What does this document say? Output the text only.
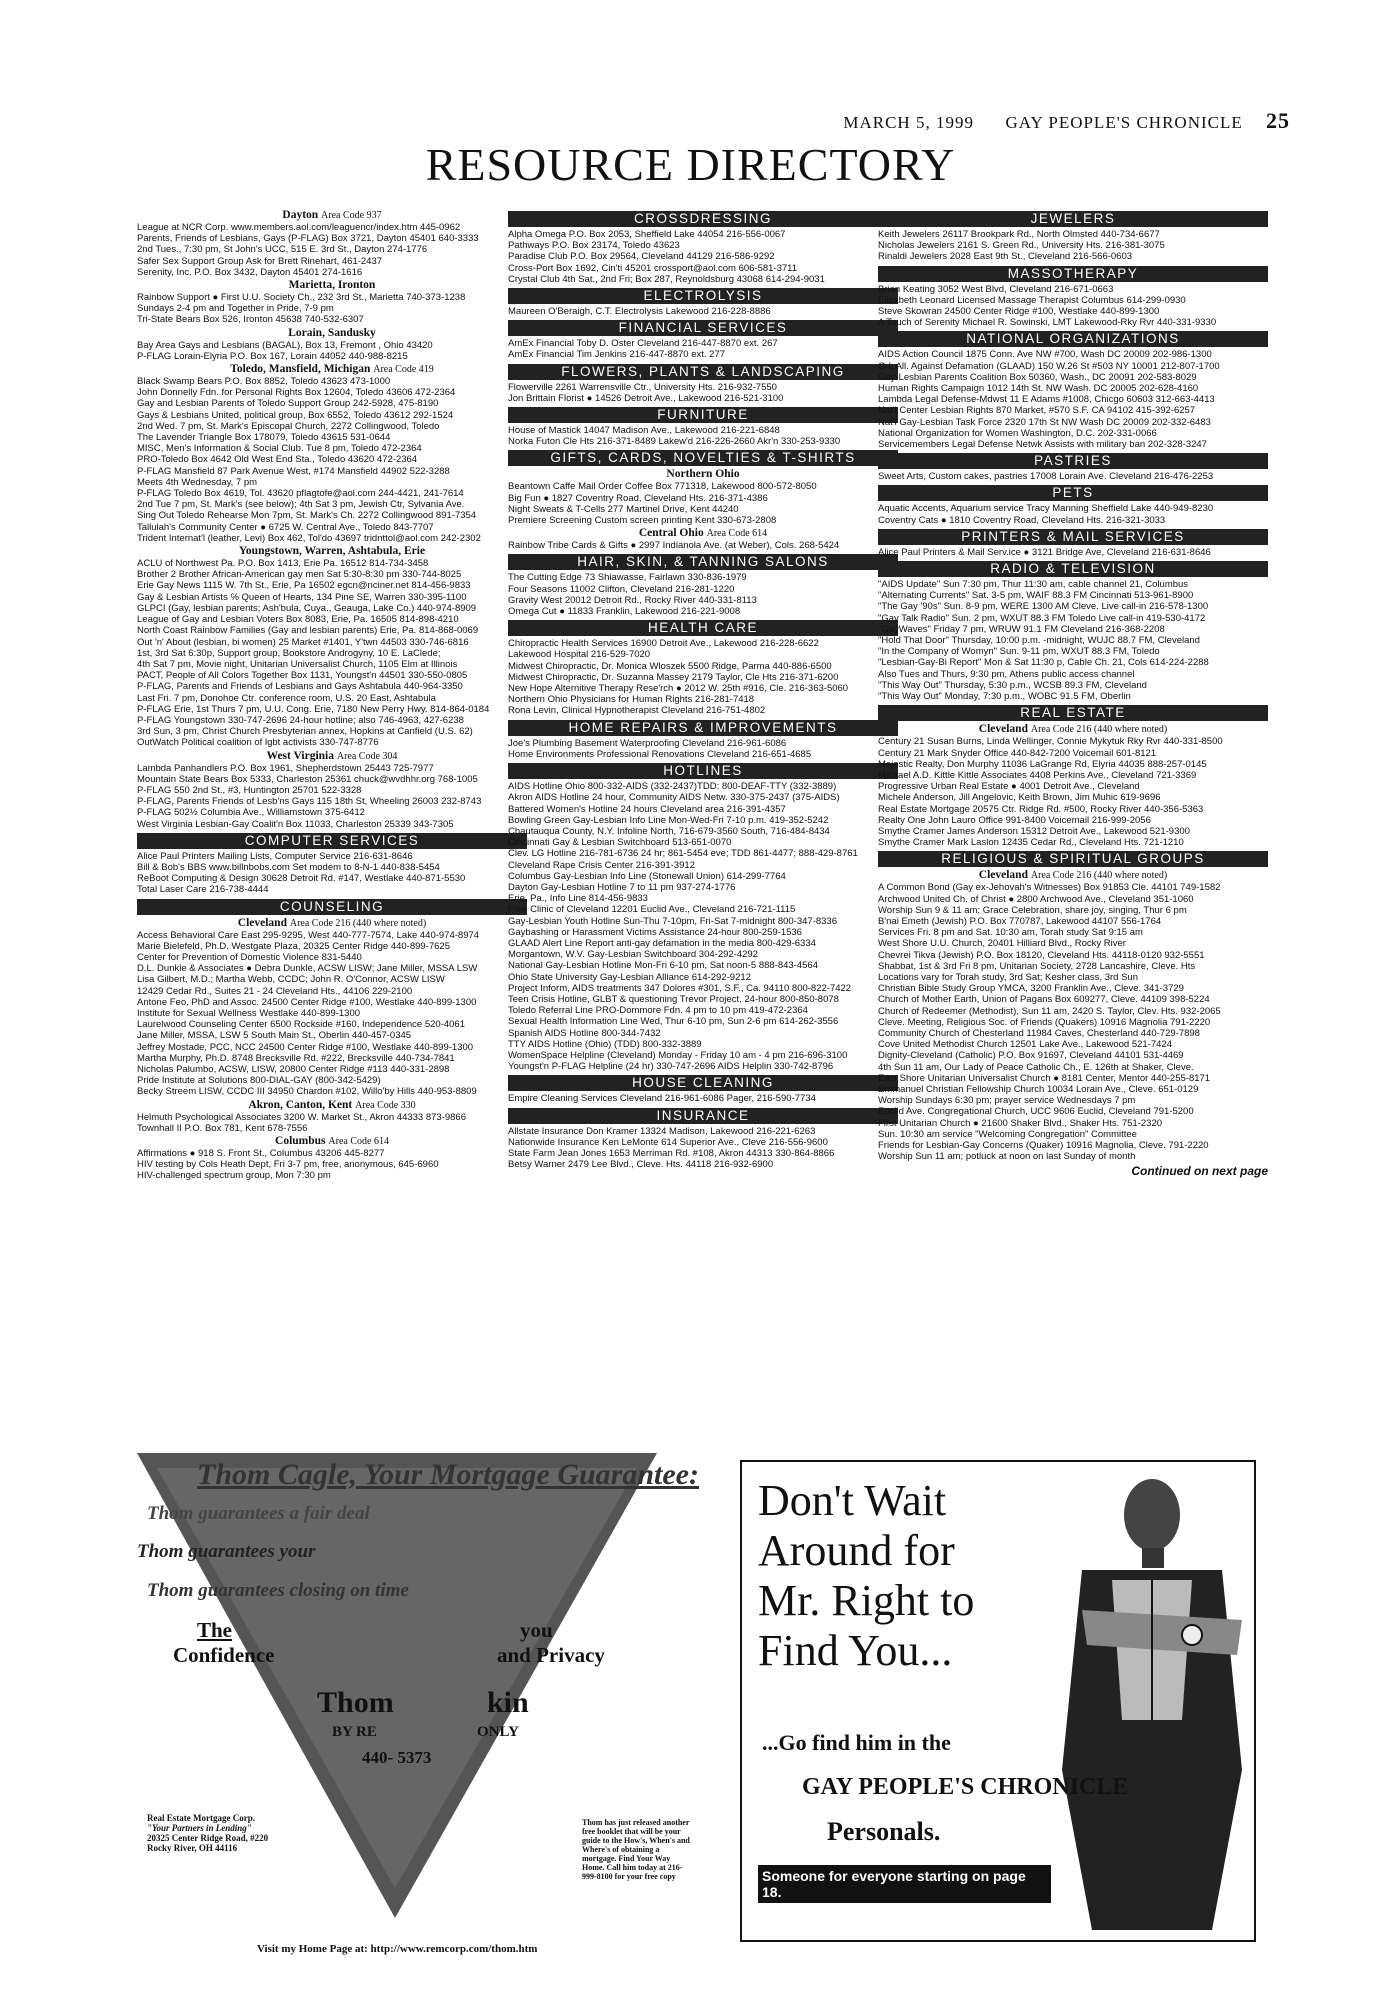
MARCH 5, 1999 GAY PEOPLE'S CHRONICLE 25
RESOURCE DIRECTORY
Dayton Area Code 937
League at NCR Corp. www.members.aol.com/leaguencr/index.htm 445-0962
Parents, Friends of Lesbians, Gays (P-FLAG) Box 3721, Dayton 45401 640-3333
2nd Tues., 7:30 pm, St John's UCC, 515 E. 3rd St., Dayton 274-1776
Safer Sex Support Group Ask for Brett Rinehart, 461-2437
Serenity, Inc. P.O. Box 3432, Dayton 45401 274-1616
Marietta, Ironton
Rainbow Support ● First U.U. Society Ch., 232 3rd St., Marietta 740-373-1238
Sundays 2-4 pm and Together in Pride, 7-9 pm
Tri-State Bears Box 526, Ironton 45638 740-532-6307
Lorain, Sandusky
Bay Area Gays and Lesbians (BAGAL), Box 13, Fremont , Ohio 43420
P-FLAG Lorain-Elyria P.O. Box 167, Lorain 44052 440-988-8215
Toledo, Mansfield, Michigan Area Code 419
Black Swamp Bears P.O. Box 8852, Toledo 43623 473-1000
John Donnelly Fdn. for Personal Rights Box 12604, Toledo 43606 472-2364
Gay and Lesbian Parents of Toledo Support Group 242-5928, 475-8190
Gays & Lesbians United, political group, Box 6552, Toledo 43612 292-1524
2nd Wed. 7 pm, St. Mark's Episcopal Church, 2272 Collingwood, Toledo
The Lavender Triangle Box 178079, Toledo 43615 531-0644
MISC, Men's Information & Social Club. Tue 8 pm, Toledo 472-2364
PRO-Toledo Box 4642 Old West End Sta., Toledo 43620 472-2364
P-FLAG Mansfield 87 Park Avenue West, #174 Mansfield 44902 522-3288
Meets 4th Wednesday, 7 pm
P-FLAG Toledo Box 4619, Tol. 43620 pflagtofe@aol.com 244-4421, 241-7614
2nd Tue 7 pm, St. Mark's (see below); 4th Sat 3 pm, Jewish Ctr, Sylvania Ave.
Sing Out Toledo Rehearse Mon 7pm, St. Mark's Ch. 2272 Collingwood 891-7354
Tallulah's Community Center ● 6725 W. Central Ave., Toledo 843-7707
Trident Internat'l (leather, Levi) Box 462, Tol'do 43697 tridnttol@aol.com 242-2302
Youngstown, Warren, Ashtabula, Erie
ACLU of Northwest Pa. P.O. Box 1413, Erie Pa. 16512 814-734-3458
Brother 2 Brother African-American gay men Sat 5:30-8:30 pm 330-744-8025
Erie Gay News 1115 W. 7th St., Erie, Pa 16502 egcn@nciner.net 814-456-9833
Gay & Lesbian Artists ℅ Queen of Hearts, 134 Pine SE, Warren 330-395-1100
GLPCI (Gay, lesbian parents; Ash'bula, Cuya., Geauga, Lake Co.) 440-974-8909
League of Gay and Lesbian Voters Box 8083, Erie, Pa. 16505 814-898-4210
North Coast Rainbow Families (Gay and lesbian parents) Erie, Pa. 814-868-0069
Out 'n' About (lesbian, bi women) 25 Market #1401, Y'twn 44503 330-746-6816
1st, 3rd Sat 6:30p, Support group, Bookstore Androgyny, 10 E. LaClede;
4th Sat 7 pm, Movie night, Unitarian Universalist Church, 1105 Elm at Illinois
PACT, People of All Colors Together Box 1131, Youngst'n 44501 330-550-0805
P-FLAG, Parents and Friends of Lesbians and Gays Ashtabula 440-964-3350
Last Fri. 7 pm, Donohoe Ctr. conference room, U.S. 20 East, Ashtabula
P-FLAG Erie, 1st Thurs 7 pm, U.U. Cong. Erie, 7180 New Perry Hwy. 814-864-0184
P-FLAG Youngstown 330-747-2696 24-hour hotline; also 746-4963, 427-6238
3rd Sun, 3 pm, Christ Church Presbyterian annex, Hopkins at Canfield (U.S. 62)
OutWatch Political coalition of lgbt activists 330-747-8776
West Virginia Area Code 304
Lambda Panhandlers P.O. Box 1961, Shepherdstown 25443 725-7977
Mountain State Bears Box 5333, Charleston 25361 chuck@wvdhhr.org 768-1005
P-FLAG 550 2nd St., #3, Huntington 25701 522-3328
P-FLAG, Parents Friends of Lesb'ns Gays 115 18th St, Wheeling 26003 232-8743
P-FLAG 502½ Columbia Ave., Williamstown 375-6412
West Virginia Lesbian-Gay Coalit'n Box 11033, Charleston 25339 343-7305
COMPUTER SERVICES
Alice Paul Printers Mailing Lists, Computer Service 216-631-8646
Bill & Bob's BBS www.billnbobs.com Set modem to 8-N-1 440-838-5454
ReBoot Computing & Design 30628 Detroit Rd. #147, Westlake 440-871-5530
Total Laser Care 216-738-4444
COUNSELING
Cleveland Area Code 216 (440 where noted)
Access Behavioral Care East 295-9295, West 440-777-7574, Lake 440-974-8974
Marie Bielefeld, Ph.D. Westgate Plaza, 20325 Center Ridge 440-899-7625
Center for Prevention of Domestic Violence 831-5440
D.L. Dunkle & Associates ● Debra Dunkle, ACSW LISW; Jane Miller, MSSA LSW
Lisa Gilbert, M.D.; Martha Webb, CCDC; John R. O'Connor, ACSW LISW
12429 Cedar Rd., Suites 21 - 24 Cleveland Hts., 44106 229-2100
Antone Feo, PhD and Assoc. 24500 Center Ridge #100, Westlake 440-899-1300
Institute for Sexual Wellness Westlake 440-899-1300
Laurelwood Counseling Center 6500 Rockside #160, Independence 520-4061
Jane Miller, MSSA, LSW 5 South Main St., Oberlin 440-457-0345
Jeffrey Mostade, PCC, NCC 24500 Center Ridge #100, Westlake 440-899-1300
Martha Murphy, Ph.D. 8748 Brecksville Rd. #222, Brecksville 440-734-7841
Nicholas Palumbo, ACSW, LISW, 20800 Center Ridge #113 440-331-2898
Pride Institute at Solutions 800-DIAL-GAY (800-342-5429)
Becky Streem LISW, CCDC III 34950 Chardon #102, Willo'by Hills 440-953-8809
Akron, Canton, Kent Area Code 330
Helmuth Psychological Associates 3200 W. Market St., Akron 44333 873-9866
Townhall II P.O. Box 781, Kent 678-7556
Columbus Area Code 614
Affirmations ● 918 S. Front St., Columbus 43206 445-8277
HIV testing by Cols Heath Dept, Fri 3-7 pm, free, anonymous, 645-6960
HIV-challenged spectrum group, Mon 7:30 pm
CROSSDRESSING
Alpha Omega P.O. Box 2053, Sheffield Lake 44054 216-556-0067
Pathways P.O. Box 23174, Toledo 43623
Paradise Club P.O. Box 29564, Cleveland 44129 216-586-9292
Cross-Port Box 1692, Cin'ti 45201 crossport@aol.com 606-581-3711
Crystal Club 4th Sat., 2nd Fri; Box 287, Reynoldsburg 43068 614-294-9031
ELECTROLYSIS
Maureen O'Beraigh, C.T. Electrolysis Lakewood 216-228-8886
FINANCIAL SERVICES
AmEx Financial Toby D. Oster Cleveland 216-447-8870 ext. 267
AmEx Financial Tim Jenkins 216-447-8870 ext. 277
FLOWERS, PLANTS & LANDSCAPING
Flowerville 2261 Warrensville Ctr., University Hts. 216-932-7550
Jon Brittain Florist ● 14526 Detroit Ave., Lakewood 216-521-3100
FURNITURE
House of Mastick 14047 Madison Ave., Lakewood 216-221-6848
Norka Futon Cle Hts 216-371-8489 Lakew'd 216-226-2660 Akr'n 330-253-9330
GIFTS, CARDS, NOVELTIES & T-SHIRTS
Northern Ohio
Beantown Caffe Mail Order Coffee Box 771318, Lakewood 800-572-8050
Big Fun ● 1827 Coventry Road, Cleveland Hts. 216-371-4386
Night Sweats & T-Cells 277 Martinel Drive, Kent 44240
Premiere Screening Custom screen printing Kent 330-673-2808
Central Ohio Area Code 614
Rainbow Tribe Cards & Gifts ● 2997 Indianola Ave. (at Weber), Cols. 268-5424
HAIR, SKIN, & TANNING SALONS
The Cutting Edge 73 Shiawasse, Fairlawn 330-836-1979
Four Seasons 11002 Clifton, Cleveland 216-281-1220
Gravity West 20012 Detroit Rd., Rocky River 440-331-8113
Omega Cut ● 11833 Franklin, Lakewood 216-221-9008
HEALTH CARE
Chiropractic Health Services 16900 Detroit Ave., Lakewood 216-228-6622
Lakewood Hospital 216-529-7020
Midwest Chiropractic, Dr. Monica Wloszek 5500 Ridge, Parma 440-886-6500
Midwest Chiropractic, Dr. Suzanna Massey 2179 Taylor, Cle Hts 216-371-6200
New Hope Alternitive Therapy Rese'rch ● 2012 W. 25th #916, Cle. 216-363-5060
Northern Ohio Physicians for Human Rights 216-281-7418
Rona Levin, Clinical Hypnotherapist Cleveland 216-751-4802
HOME REPAIRS & IMPROVEMENTS
Joe's Plumbing Basement Waterproofing Cleveland 216-961-6086
Home Environments Professional Renovations Cleveland 216-651-4685
HOTLINES
AIDS Hotline Ohio 800-332-AIDS (332-2437)TDD: 800-DEAF-TTY (332-3889)
Akron AIDS Hotline 24 hour, Community AIDS Netw. 330-375-2437 (375-AIDS)
Battered Women's Hotline 24 hours Cleveland area 216-391-4357
Bowling Green Gay-Lesbian Info Line Mon-Wed-Fri 7-10 p.m. 419-352-5242
Chautauqua County, N.Y. Infoline North, 716-679-3560 South, 716-484-8434
Cincinnati Gay & Lesbian Switchboard 513-651-0070
Clev. LG Hotline 216-781-6736 24 hr; 861-5454 eve; TDD 861-4477; 888-429-8761
Cleveland Rape Crisis Center 216-391-3912
Columbus Gay-Lesbian Info Line (Stonewall Union) 614-299-7764
Dayton Gay-Lesbian Hotline 7 to 11 pm 937-274-1776
Erie, Pa., Info Line 814-456-9833
Free Clinic of Cleveland 12201 Euclid Ave., Cleveland 216-721-1115
Gay-Lesbian Youth Hotline Sun-Thu 7-10pm, Fri-Sat 7-midnight 800-347-8336
Gaybashing or Harassment Victims Assistance 24-hour 800-259-1536
GLAAD Alert Line Report anti-gay defamation in the media 800-429-6334
Morgantown, W.V. Gay-Lesbian Switchboard 304-292-4292
National Gay-Lesbian Hotline Mon-Fri 6-10 pm, Sat noon-5 888-843-4564
Ohio State University Gay-Lesbian Alliance 614-292-9212
Project Inform, AIDS treatments 347 Dolores #301, S.F., Ca. 94110 800-822-7422
Teen Crisis Hotline, GLBT & questioning Trevor Project, 24-hour 800-850-8078
Toledo Referral Line PRO-Dommore Fdn. 4 pm to 10 pm 419-472-2364
Sexual Health Information Line Wed, Thur 6-10 pm, Sun 2-6 pm 614-262-3556
Spanish AIDS Hotline 800-344-7432
TTY AIDS Hotline (Ohio) (TDD) 800-332-3889
WomenSpace Helpline (Cleveland) Monday - Friday 10 am - 4 pm 216-696-3100
Youngst'n P-FLAG Helpline (24 hr) 330-747-2696 AIDS Helplin 330-742-8796
HOUSE CLEANING
Empire Cleaning Services Cleveland 216-961-6086 Pager, 216-590-7734
INSURANCE
Allstate Insurance Don Kramer 13324 Madison, Lakewood 216-221-6263
Nationwide Insurance Ken LeMonte 614 Superior Ave., Cleve 216-556-9600
State Farm Jean Jones 1653 Merriman Rd. #108, Akron 44313 330-864-8866
Betsy Warner 2479 Lee Blvd., Cleve. Hts. 44118 216-932-6900
JEWELERS
Keith Jewelers 26117 Brookpark Rd., North Olmsted 440-734-6677
Nicholas Jewelers 2161 S. Green Rd., University Hts. 216-381-3075
Rinaldi Jewelers 2028 East 9th St., Cleveland 216-566-0603
MASSOTHERAPY
Brian Keating 3052 West Blvd, Cleveland 216-671-0663
Elizabeth Leonard Licensed Massage Therapist Columbus 614-299-0930
Steve Skowran 24500 Center Ridge #100, Westlake 440-899-1300
A Touch of Serenity Michael R. Sowinski, LMT Lakewood-Rky Rvr 440-331-9330
NATIONAL ORGANIZATIONS
AIDS Action Council 1875 Conn. Ave NW #700, Wash DC 20009 202-986-1300
G-L All. Against Defamation (GLAAD) 150 W.26 St #503 NY 10001 212-807-1700
Gay-Lesbian Parents Coalition Box 50360, Wash., DC 20091 202-583-8029
Human Rights Campaign 1012 14th St. NW Wash. DC 20005 202-628-4160
Lambda Legal Defense-Mdwst 11 E Adams #1008, Chicgo 60603 312-663-4413
Nat'l Center Lesbian Rights 870 Market, #570 S.F. CA 94102 415-392-6257
Nat'l Gay-Lesbian Task Force 2320 17th St NW Wash DC 20009 202-332-6483
National Organization for Women Washington, D.C. 202-331-0066
Servicemembers Legal Defense Netwk Assists with military ban 202-328-3247
PASTRIES
Sweet Arts, Custom cakes, pastries 17008 Lorain Ave. Cleveland 216-476-2253
PETS
Aquatic Accents, Aquarium service Tracy Manning Sheffield Lake 440-949-8230
Coventry Cats ● 1810 Coventry Road, Cleveland Hts. 216-321-3033
PRINTERS & MAIL SERVICES
Alice Paul Printers & Mail Serv.ice ● 3121 Bridge Ave, Cleveland 216-631-8646
RADIO & TELEVISION
"AIDS Update" Sun 7:30 pm, Thur 11:30 am, cable channel 21, Columbus
"Alternating Currents" Sat. 3-5 pm, WAIF 88.3 FM Cincinnati 513-961-8900
"The Gay '90s" Sun. 8-9 pm, WERE 1300 AM Cleve. Live call-in 216-578-1300
"Gay Talk Radio" Sun. 2 pm, WXUT 88.3 FM Toledo Live call-in 419-530-4172
"GayWaves" Friday 7 pm, WRUW 91.1 FM Cleveland 216-368-2208
"Hold That Door" Thursday, 10:00 p.m. -midnight, WUJC 88.7 FM, Cleveland
"In the Company of Womyn" Sun. 9-11 pm, WXUT 88.3 FM, Toledo
"Lesbian-Gay-Bi Report" Mon & Sat 11:30 p, Cable Ch. 21, Cols 614-224-2288
Also Tues and Thurs, 9:30 pm, Athens public access channel
"This Way Out" Thursday, 5:30 p.m., WCSB 89.3 FM, Cleveland
"This Way Out" Monday, 7:30 p.m., WOBC 91.5 FM, Oberlin
REAL ESTATE
Cleveland Area Code 216 (440 where noted)
Century 21 Susan Burns, Linda Wellinger, Connie Mykytuk Rky Rvr 440-331-8500
Century 21 Mark Snyder Office 440-842-7200 Voicemail 601-8121
Majestic Realty, Don Murphy 11036 LaGrange Rd, Elyria 44035 888-257-0145
Michael A.D. Kittle Kittle Associates 4408 Perkins Ave., Cleveland 721-3369
Progressive Urban Real Estate ● 4001 Detroit Ave., Cleveland
Michele Anderson, Jill Angelovic, Keith Brown, Jim Muhic 619-9696
Real Estate Mortgage 20575 Ctr. Ridge Rd. #500, Rocky River 440-356-5363
Realty One John Lauro Office 991-8400 Voicemail 216-999-2056
Smythe Cramer James Anderson 15312 Detroit Ave., Lakewood 521-9300
Smythe Cramer Mark Laslon 12435 Cedar Rd., Cleveland Hts. 721-1210
RELIGIOUS & SPIRITUAL GROUPS
Cleveland Area Code 216 (440 where noted)
A Common Bond (Gay ex-Jehovah's Witnesses) Box 91853 Cle. 44101 749-1582
Archwood United Ch. of Christ ● 2800 Archwood Ave., Cleveland 351-1060
Worship Sun 9 & 11 am; Grace Celebration, share joy, singing, Thur 6 pm
B'nai Emeth (Jewish) P.O. Box 770787, Lakewood 44107 556-1764
Services Fri. 8 pm and Sat. 10:30 am, Torah study Sat 9:15 am
West Shore U.U. Church, 20401 Hilliard Blvd., Rocky River
Chevrei Tikva (Jewish) P.O. Box 18120, Cleveland Hts. 44118-0120 932-5551
Shabbat, 1st & 3rd Fri 8 pm, Unitarian Society, 2728 Lancashire, Cleve. Hts
Locations vary for Torah study, 3rd Sat; Kesher class, 3rd Sun
Christian Bible Study Group YMCA, 3200 Franklin Ave., Cleve. 341-3729
Church of Mother Earth, Union of Pagans Box 609277, Cleve. 44109 398-5224
Church of Redeemer (Methodist), Sun 11 am, 2420 S. Taylor, Clev. Hts. 932-2065
Cleve. Meeting, Religious Soc. of Friends (Quakers) 10916 Magnolia 791-2220
Community Church of Chesterland 11984 Caves, Chesterland 440-729-7898
Cove United Methodist Church 12501 Lake Ave., Lakewood 521-7424
Dignity-Cleveland (Catholic) P.O. Box 91697, Cleveland 44101 531-4469
4th Sun 11 am, Our Lady of Peace Catholic Ch., E. 126th at Shaker, Cleve.
East Shore Unitarian Universalist Church ● 8181 Center, Mentor 440-255-8171
Emmanuel Christian Fellowship Church 10034 Lorain Ave., Cleve. 651-0129
Worship Sundays 6:30 pm; prayer service Wednesdays 7 pm
Euclid Ave. Congregational Church, UCC 9606 Euclid, Cleveland 791-5200
First Unitarian Church ● 21600 Shaker Blvd., Shaker Hts. 751-2320
Sun. 10:30 am service "Welcoming Congregation" Committee
Friends for Lesbian-Gay Concerns (Quaker) 10916 Magnolia, Cleve. 791-2220
Worship Sun 11 am; potluck at noon on last Sunday of month
Continued on next page
Thom Cagle, Your Mortgage Guarantee:
Thom guarantees a fair deal
Thom guarantees your
Thom guarantees closing on time
The
Confidence
you
and Privacy
Thom	kin
BY RE	ONLY
440- 5373
Real Estate Mortgage Corp.
"Your Partners in Lending"
20325 Center Ridge Road, #220
Rocky River, OH 44116
Thom has just released another free booklet that will be your guide to the How's, When's and Where's of obtaining a mortgage. Find Your Way Home. Call him today at 216-999-8100 for your free copy
Visit my Home Page at: http://www.remcorp.com/thom.htm
Don't Wait Around for Mr. Right to Find You...
...Go find him in the
GAY PEOPLE'S CHRONICLE
Personals.
Someone for everyone starting on page 18.
